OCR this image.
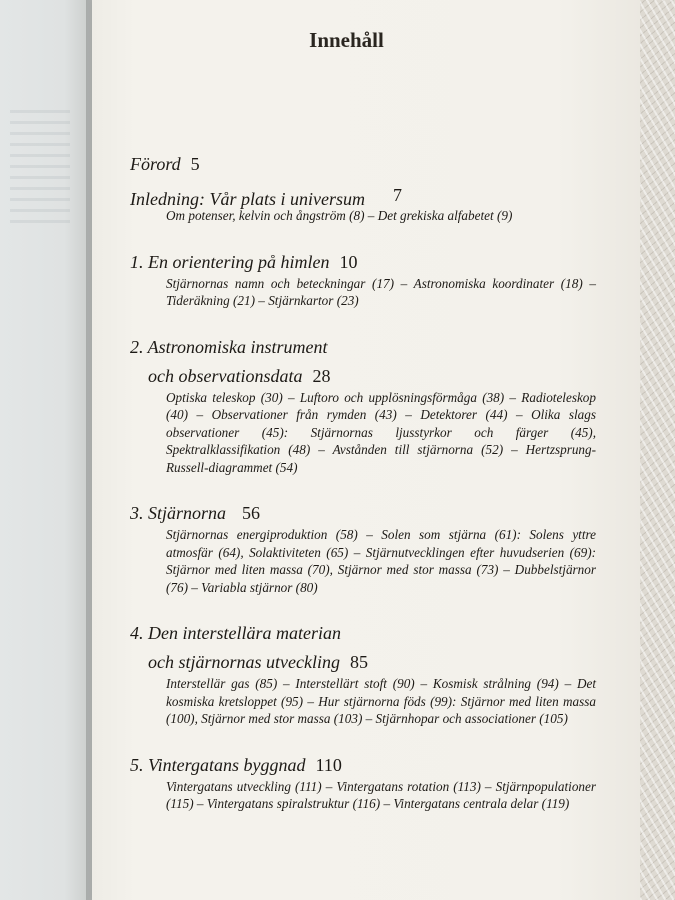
Innehåll

Förord 5

Inledning: Vår plats i universum 7

Om potenser, kelvin och ångström (8) – Det grekiska alfabetet (9)

1. En orientering på himlen 10

Stjärnornas namn och beteckningar (17) – Astronomiska koordinater (18) – Tideräkning (21) – Stjärnkartor (23)

2. Astronomiska instrument

och observationsdata 28

Optiska teleskop (30) – Luftoro och upplösningsförmåga (38) – Radioteleskop (40) – Observationer från rymden (43) – Detektorer (44) – Olika slags observationer (45): Stjärnornas ljusstyrkor och färger (45), Spektralklassifikation (48) – Avstånden till stjärnorna (52) – Hertzsprung-Russell-diagrammet (54)

3. Stjärnorna 56

Stjärnornas energiproduktion (58) – Solen som stjärna (61): Solens yttre atmosfär (64), Solaktiviteten (65) – Stjärnutvecklingen efter huvudserien (69): Stjärnor med liten massa (70), Stjärnor med stor massa (73) – Dubbelstjärnor (76) – Variabla stjärnor (80)

4. Den interstellära materian

och stjärnornas utveckling 85

Interstellär gas (85) – Interstellärt stoft (90) – Kosmisk strålning (94) – Det kosmiska kretsloppet (95) – Hur stjärnorna föds (99): Stjärnor med liten massa (100), Stjärnor med stor massa (103) – Stjärnhopar och associationer (105)

5. Vintergatans byggnad 110

Vintergatans utveckling (111) – Vintergatans rotation (113) – Stjärnpopulationer (115) – Vintergatans spiralstruktur (116) – Vintergatans centrala delar (119)
